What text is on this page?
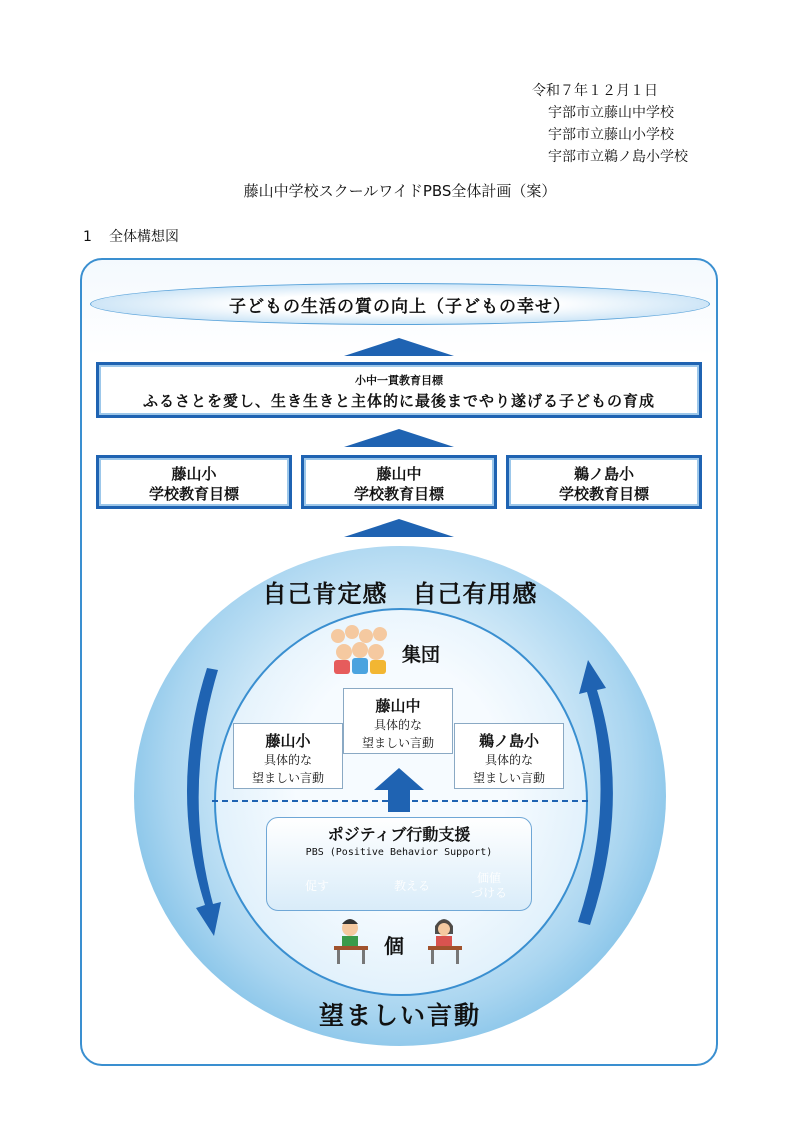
令和７年１２月１日
宇部市立藤山中学校
宇部市立藤山小学校
宇部市立鵜ノ島小学校
藤山中学校スクールワイドPBS全体計画（案）
1 全体構想図
子どもの生活の質の向上（子どもの幸せ）
小中一貫教育目標
ふるさとを愛し、生き生きと主体的に最後までやり遂げる子どもの育成
藤山小
学校教育目標
藤山中
学校教育目標
鵜ノ島小
学校教育目標
自己肯定感　自己有用感
集団
藤山中
具体的な
望ましい言動
藤山小
具体的な
望ましい言動
鵜ノ島小
具体的な
望ましい言動
ポジティブ行動支援
PBS (Positive Behavior Support)
促す	教える
価値
づける
個
望ましい言動
